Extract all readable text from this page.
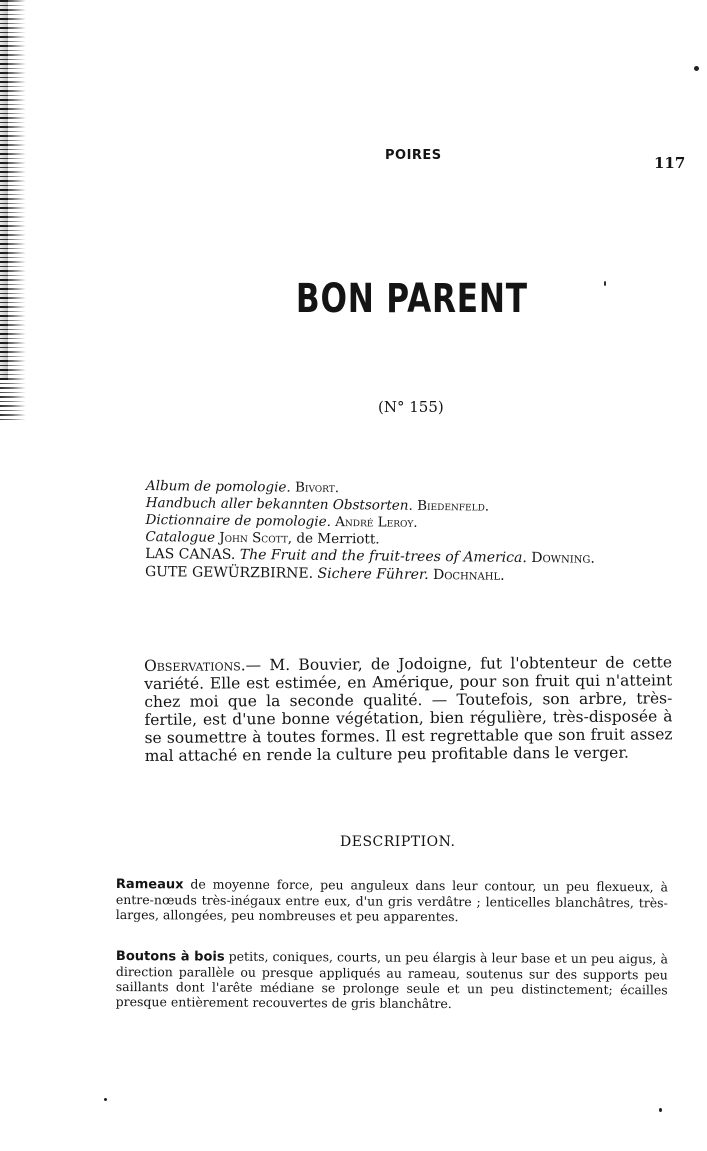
POIRES	117
BON PARENT
(N° 155)
Album de pomologie. Bivort.
Handbuch aller bekannten Obstsorten. Biedenfeld.
Dictionnaire de pomologie. André Leroy.
Catalogue John Scott, de Merriott.
LAS CANAS. The Fruit and the fruit-trees of America. Downing.
GUTE GEWÜRZBIRNE. Sichere Führer. Dochnahl.
Observations.— M. Bouvier, de Jodoigne, fut l'obtenteur de cette variété. Elle est estimée, en Amérique, pour son fruit qui n'atteint chez moi que la seconde qualité. — Toutefois, son arbre, très-fertile, est d'une bonne végétation, bien régulière, très-disposée à se soumettre à toutes formes. Il est regrettable que son fruit assez mal attaché en rende la culture peu profitable dans le verger.
DESCRIPTION.
Rameaux de moyenne force, peu anguleux dans leur contour, un peu flexueux, à entre-nœuds très-inégaux entre eux, d'un gris verdâtre ; lenticelles blanchâtres, très-larges, allongées, peu nombreuses et peu apparentes.
Boutons à bois petits, coniques, courts, un peu élargis à leur base et un peu aigus, à direction parallèle ou presque appliqués au rameau, soutenus sur des supports peu saillants dont l'arête médiane se prolonge seule et un peu distinctement; écailles presque entièrement recouvertes de gris blanchâtre.
